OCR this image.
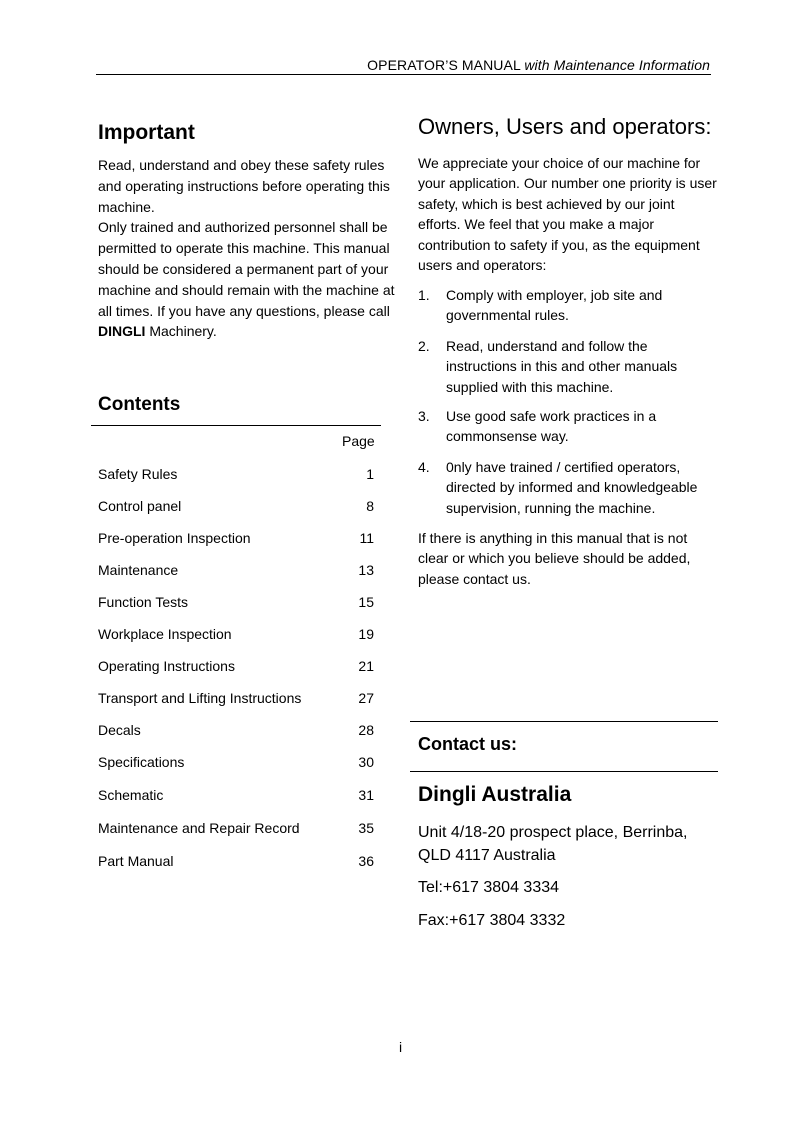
OPERATOR’S MANUAL with Maintenance Information
Important

Read, understand and obey these safety rules and operating instructions before operating this machine.

Only trained and authorized personnel shall be permitted to operate this machine. This manual should be considered a permanent part of your machine and should remain with the machine at all times. If you have any questions, please call DINGLI Machinery.

Contents
Page
Safety Rules	1
Control panel	8
Pre-operation Inspection	11
Maintenance	13
Function Tests	15
Workplace Inspection	19
Operating Instructions	21
Transport and Lifting Instructions	27
Decals	28
Specifications	30
Schematic	31
Maintenance and Repair Record	35
Part Manual	36
Owners, Users and operators:
We appreciate your choice of our machine for your application. Our number one priority is user safety, which is best achieved by our joint efforts. We feel that you make a major contribution to safety if you, as the equipment users and operators:
1. Comply with employer, job site and governmental rules.
2. Read, understand and follow the instructions in this and other manuals supplied with this machine.
3. Use good safe work practices in a commonsense way.
4. 0nly have trained / certified operators, directed by informed and knowledgeable supervision, running the machine.
If there is anything in this manual that is not clear or which you believe should be added, please contact us.
Contact us:
Dingli Australia
Unit 4/18-20 prospect place, Berrinba,
QLD 4117 Australia
Tel:+617 3804 3334
Fax:+617 3804 3332
i
